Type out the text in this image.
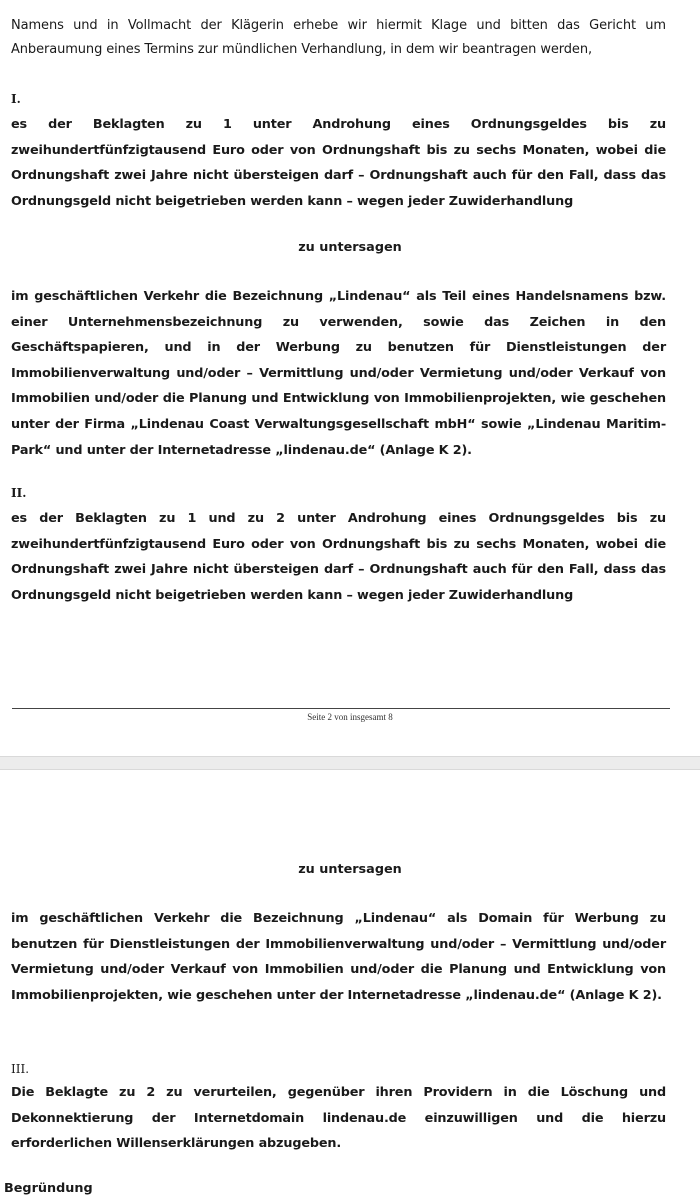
Namens und in Vollmacht der Klägerin erhebe wir hiermit Klage und bitten das Gericht um Anberaumung eines Termins zur mündlichen Verhandlung, in dem wir beantragen werden,

I.

es der Beklagten zu 1 unter Androhung eines Ordnungsgeldes bis zu zweihundertfünfzigtausend Euro oder von Ordnungshaft bis zu sechs Monaten, wobei die Ordnungshaft zwei Jahre nicht übersteigen darf – Ordnungshaft auch für den Fall, dass das Ordnungsgeld nicht beigetrieben werden kann – wegen jeder Zuwiderhandlung

zu untersagen

im geschäftlichen Verkehr die Bezeichnung „Lindenau“ als Teil eines Handelsnamens bzw. einer Unternehmensbezeichnung zu verwenden, sowie das Zeichen in den Geschäftspapieren, und in der Werbung zu benutzen für Dienstleistungen der Immobilienverwaltung und/oder – Vermittlung und/oder Vermietung und/oder Verkauf von Immobilien und/oder die Planung und Entwicklung von Immobilienprojekten, wie geschehen unter der Firma „Lindenau Coast Verwaltungsgesellschaft mbH“ sowie „Lindenau Maritim-Park“ und unter der Internetadresse „lindenau.de“ (Anlage K 2).

II.

es der Beklagten zu 1 und zu 2 unter Androhung eines Ordnungsgeldes bis zu zweihundertfünfzigtausend Euro oder von Ordnungshaft bis zu sechs Monaten, wobei die Ordnungshaft zwei Jahre nicht übersteigen darf – Ordnungshaft auch für den Fall, dass das Ordnungsgeld nicht beigetrieben werden kann – wegen jeder Zuwiderhandlung

Seite 2 von insgesamt 8

zu untersagen

im geschäftlichen Verkehr die Bezeichnung „Lindenau“ als Domain für Werbung zu benutzen für Dienstleistungen der Immobilienverwaltung und/oder – Vermittlung und/oder Vermietung und/oder Verkauf von Immobilien und/oder die Planung und Entwicklung von Immobilienprojekten, wie geschehen unter der Internetadresse „lindenau.de“ (Anlage K 2).

III.

Die Beklagte zu 2 zu verurteilen, gegenüber ihren Providern in die Löschung und Dekonnektierung der Internetdomain lindenau.de einzuwilligen und die hierzu erforderlichen Willenserklärungen abzugeben.

Begründung
